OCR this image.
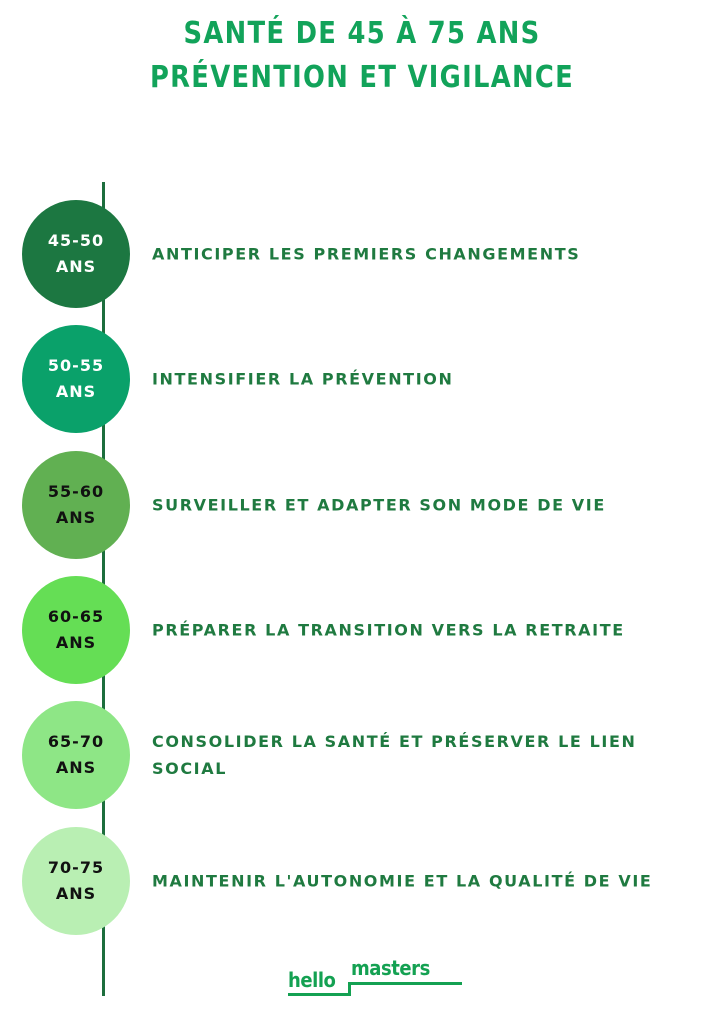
SANTÉ DE 45 À 75 ANS
PRÉVENTION ET VIGILANCE
45-50
ANS
ANTICIPER LES PREMIERS CHANGEMENTS
50-55
ANS
INTENSIFIER LA PRÉVENTION
55-60
ANS
SURVEILLER ET ADAPTER SON MODE DE VIE
60-65
ANS
PRÉPARER LA TRANSITION VERS LA RETRAITE
65-70
ANS
CONSOLIDER LA SANTÉ ET PRÉSERVER LE LIEN SOCIAL
70-75
ANS
MAINTENIR L'AUTONOMIE ET LA QUALITÉ DE VIE
masters
hello
